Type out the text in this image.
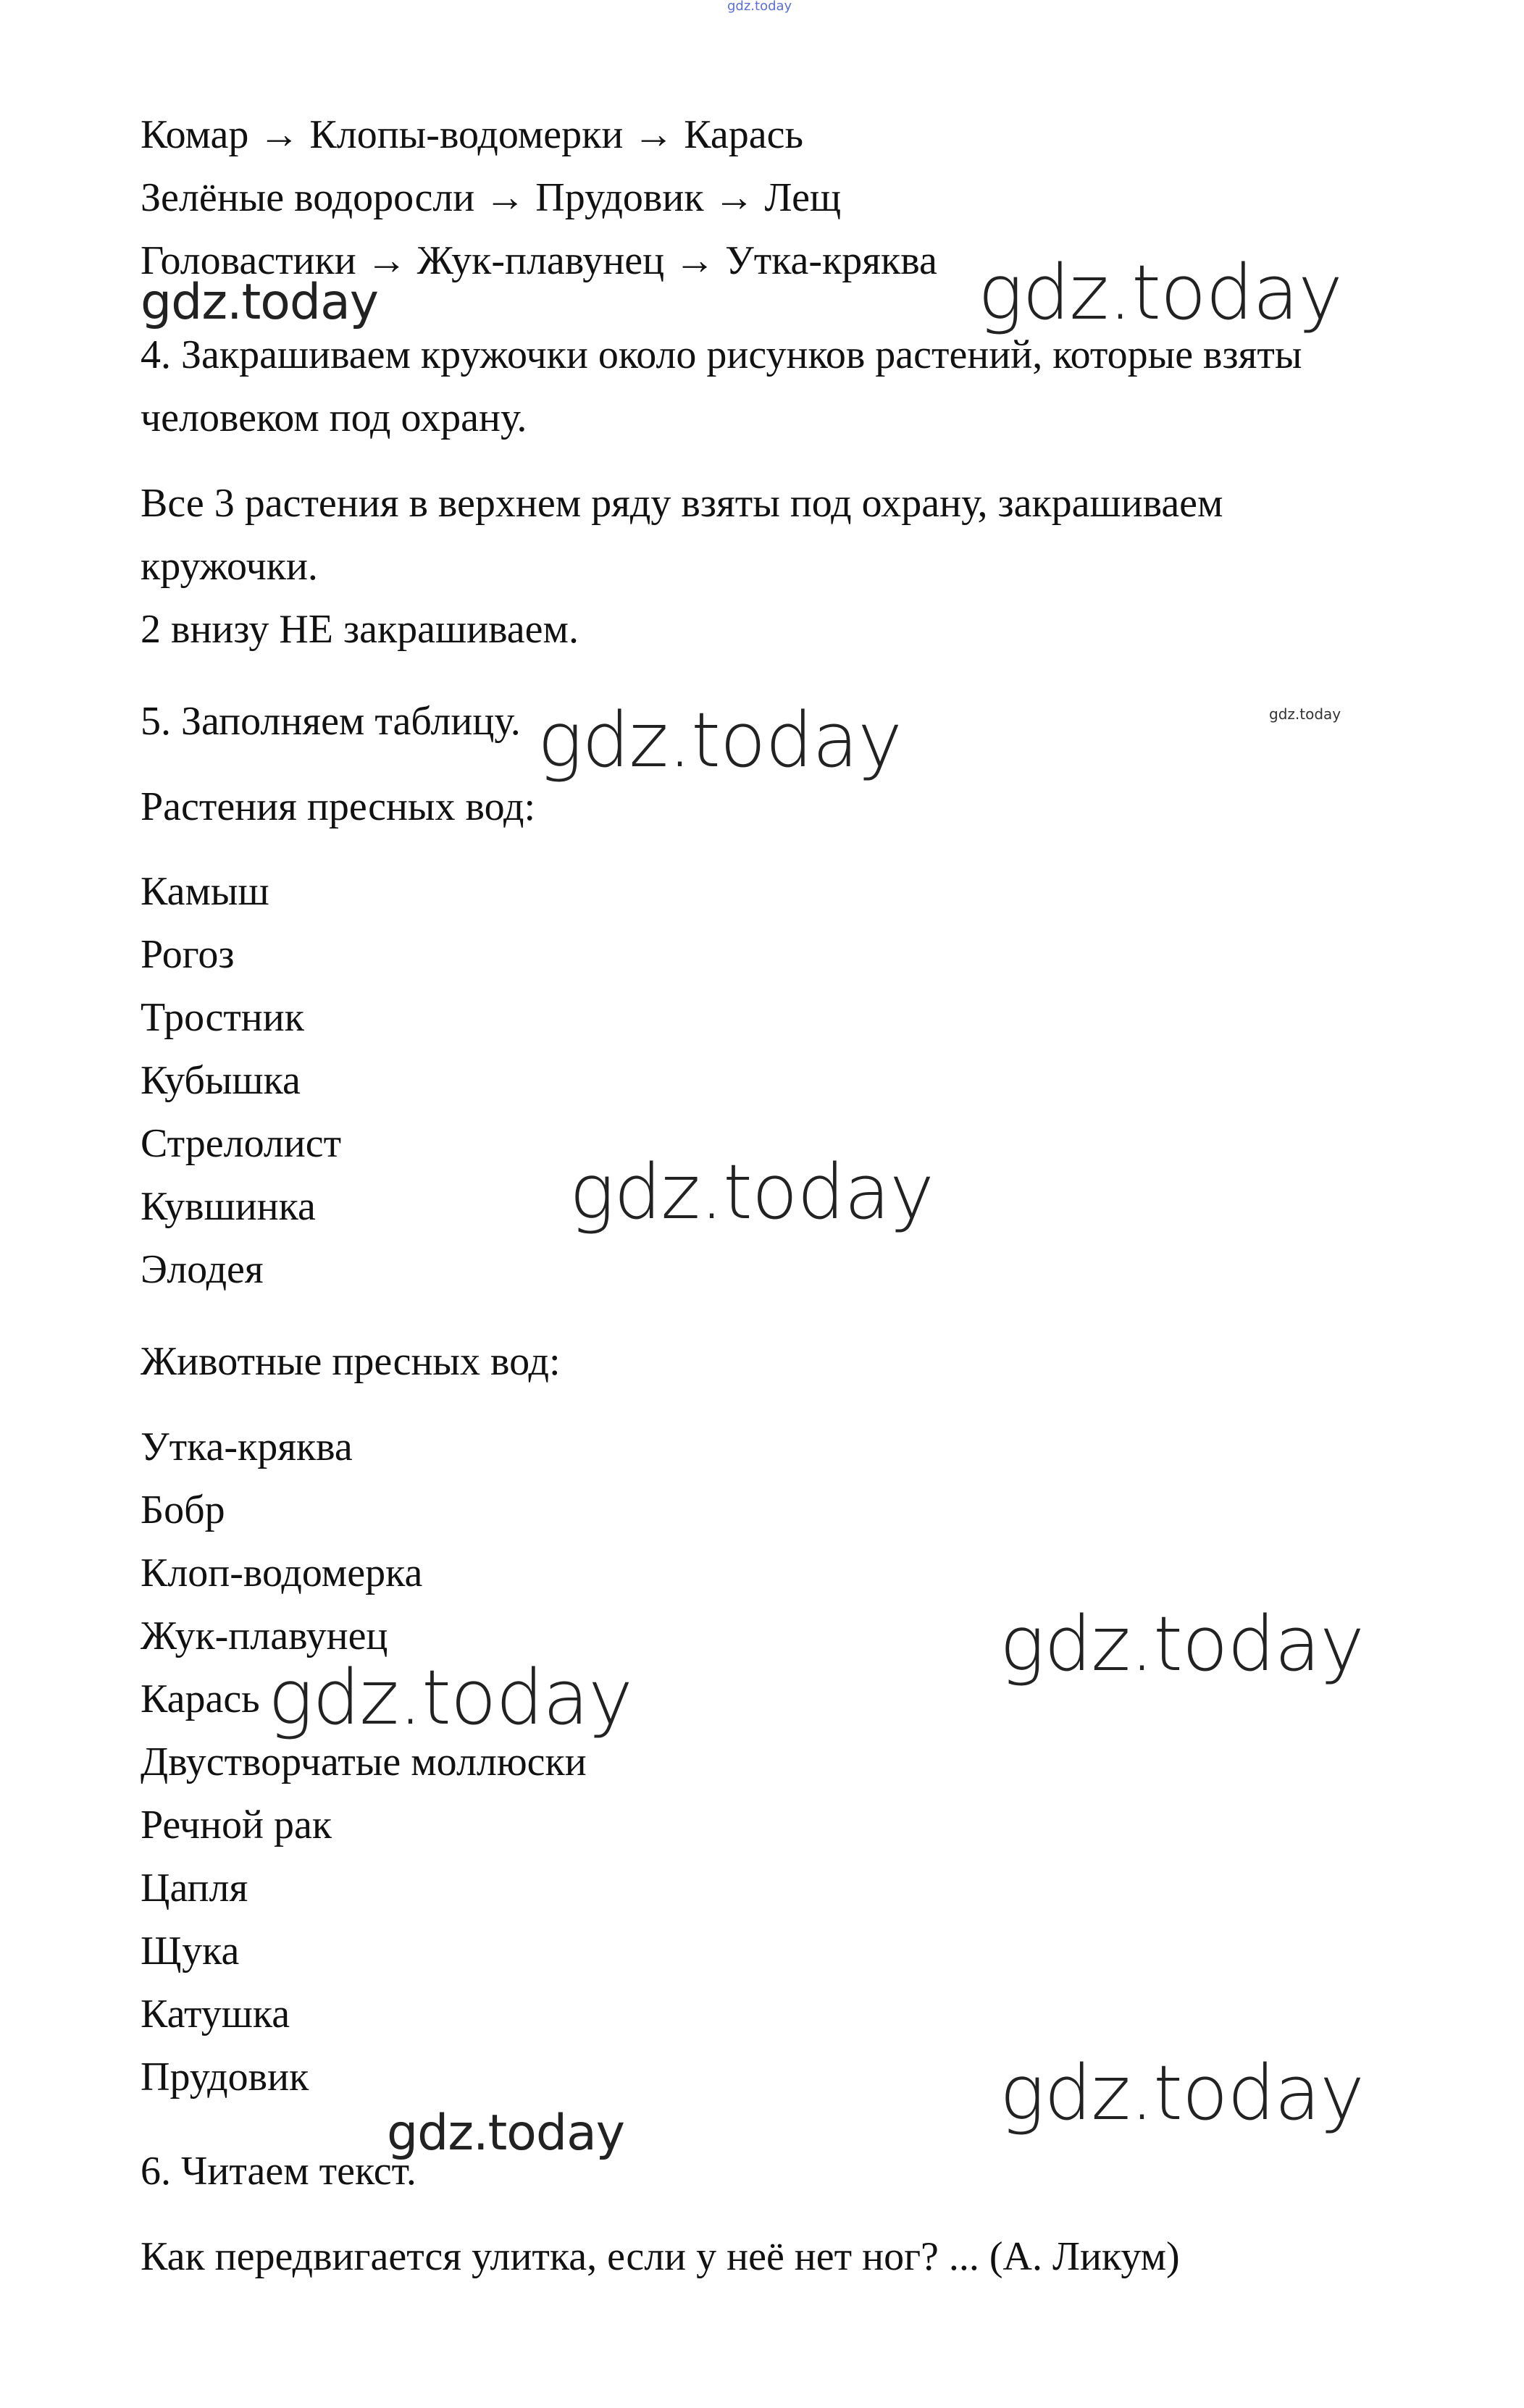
gdz.today
Комар → Клопы-водомерки → Карась
Зелёные водоросли → Прудовик → Лещ
Головастики → Жук-плавунец → Утка-кряква
gdz.today	gdz.today
4. Закрашиваем кружочки около рисунков растений, которые взяты
человеком под охрану.
Все 3 растения в верхнем ряду взяты под охрану, закрашиваем
кружочки.
2 внизу НЕ закрашиваем.
5. Заполняем таблицу. gdz.today	gdz.today
Растения пресных вод:
Камыш
Рогоз
Тростник
Кубышка
Стрелолист
Кувшинка
Элодея
gdz.today
Животные пресных вод:
Утка-кряква
Бобр
Клоп-водомерка
Жук-плавунец
Карась
Двустворчатые моллюски
Речной рак
Цапля
Щука
Катушка
Прудовик
gdz.today
gdz.today
gdz.today
gdz.today
6. Читаем текст.
Как передвигается улитка, если у неё нет ног? ... (А. Ликум)
